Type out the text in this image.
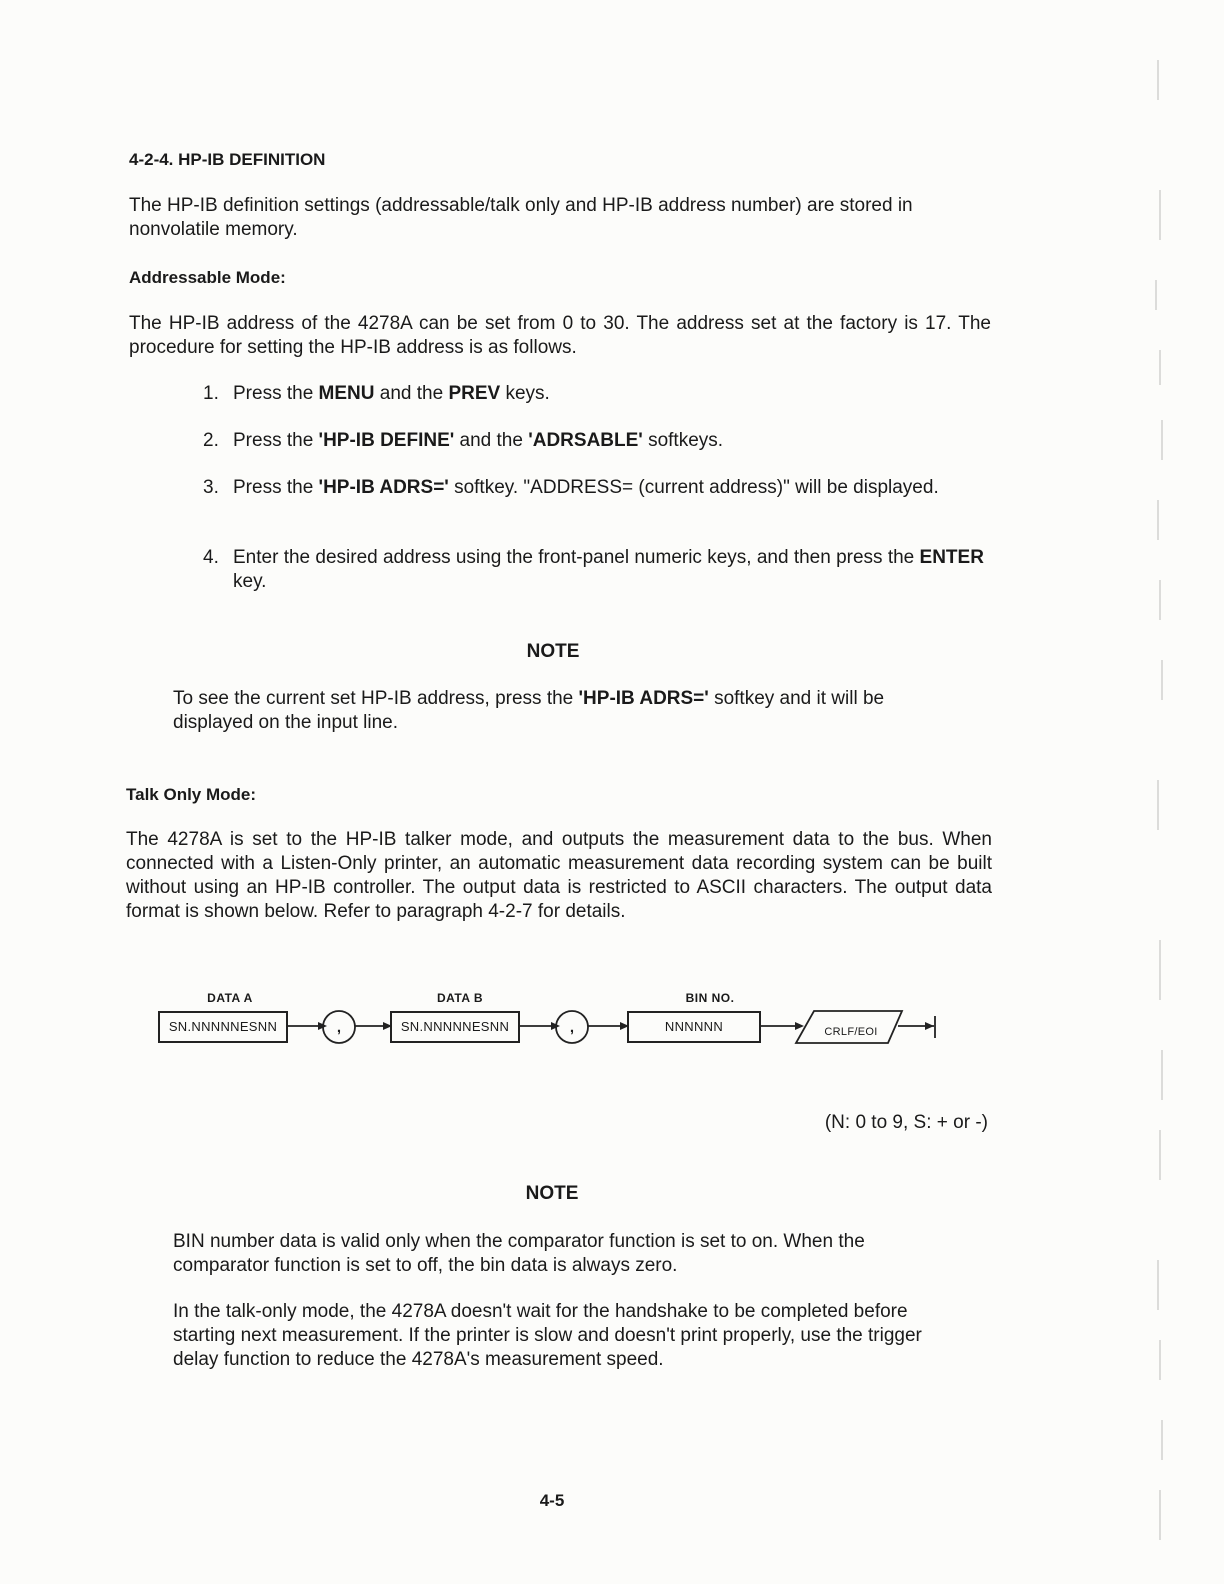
4-2-4. HP-IB DEFINITION
The HP-IB definition settings (addressable/talk only and HP-IB address number) are stored in nonvolatile memory.
Addressable Mode:
The HP-IB address of the 4278A can be set from 0 to 30. The address set at the factory is 17. The procedure for setting the HP-IB address is as follows.
1. Press the MENU and the PREV keys.
2. Press the 'HP-IB DEFINE' and the 'ADRSABLE' softkeys.
3. Press the 'HP-IB ADRS=' softkey. "ADDRESS= (current address)" will be displayed.
4. Enter the desired address using the front-panel numeric keys, and then press the ENTER key.
NOTE
To see the current set HP-IB address, press the 'HP-IB ADRS=' softkey and it will be displayed on the input line.
Talk Only Mode:
The 4278A is set to the HP-IB talker mode, and outputs the measurement data to the bus. When connected with a Listen-Only printer, an automatic measurement data recording system can be built without using an HP-IB controller. The output data is restricted to ASCII characters. The output data format is shown below. Refer to paragraph 4-2-7 for details.
DATA A	DATA B	BIN NO.
SN.NNNNNESNN	SN.NNNNNESNN	NNNNNN
,	,	CRLF/EOI
(N: 0 to 9, S: + or -)
NOTE
BIN number data is valid only when the comparator function is set to on. When the comparator function is set to off, the bin data is always zero.
In the talk-only mode, the 4278A doesn't wait for the handshake to be completed before starting next measurement. If the printer is slow and doesn't print properly, use the trigger delay function to reduce the 4278A's measurement speed.
4-5
